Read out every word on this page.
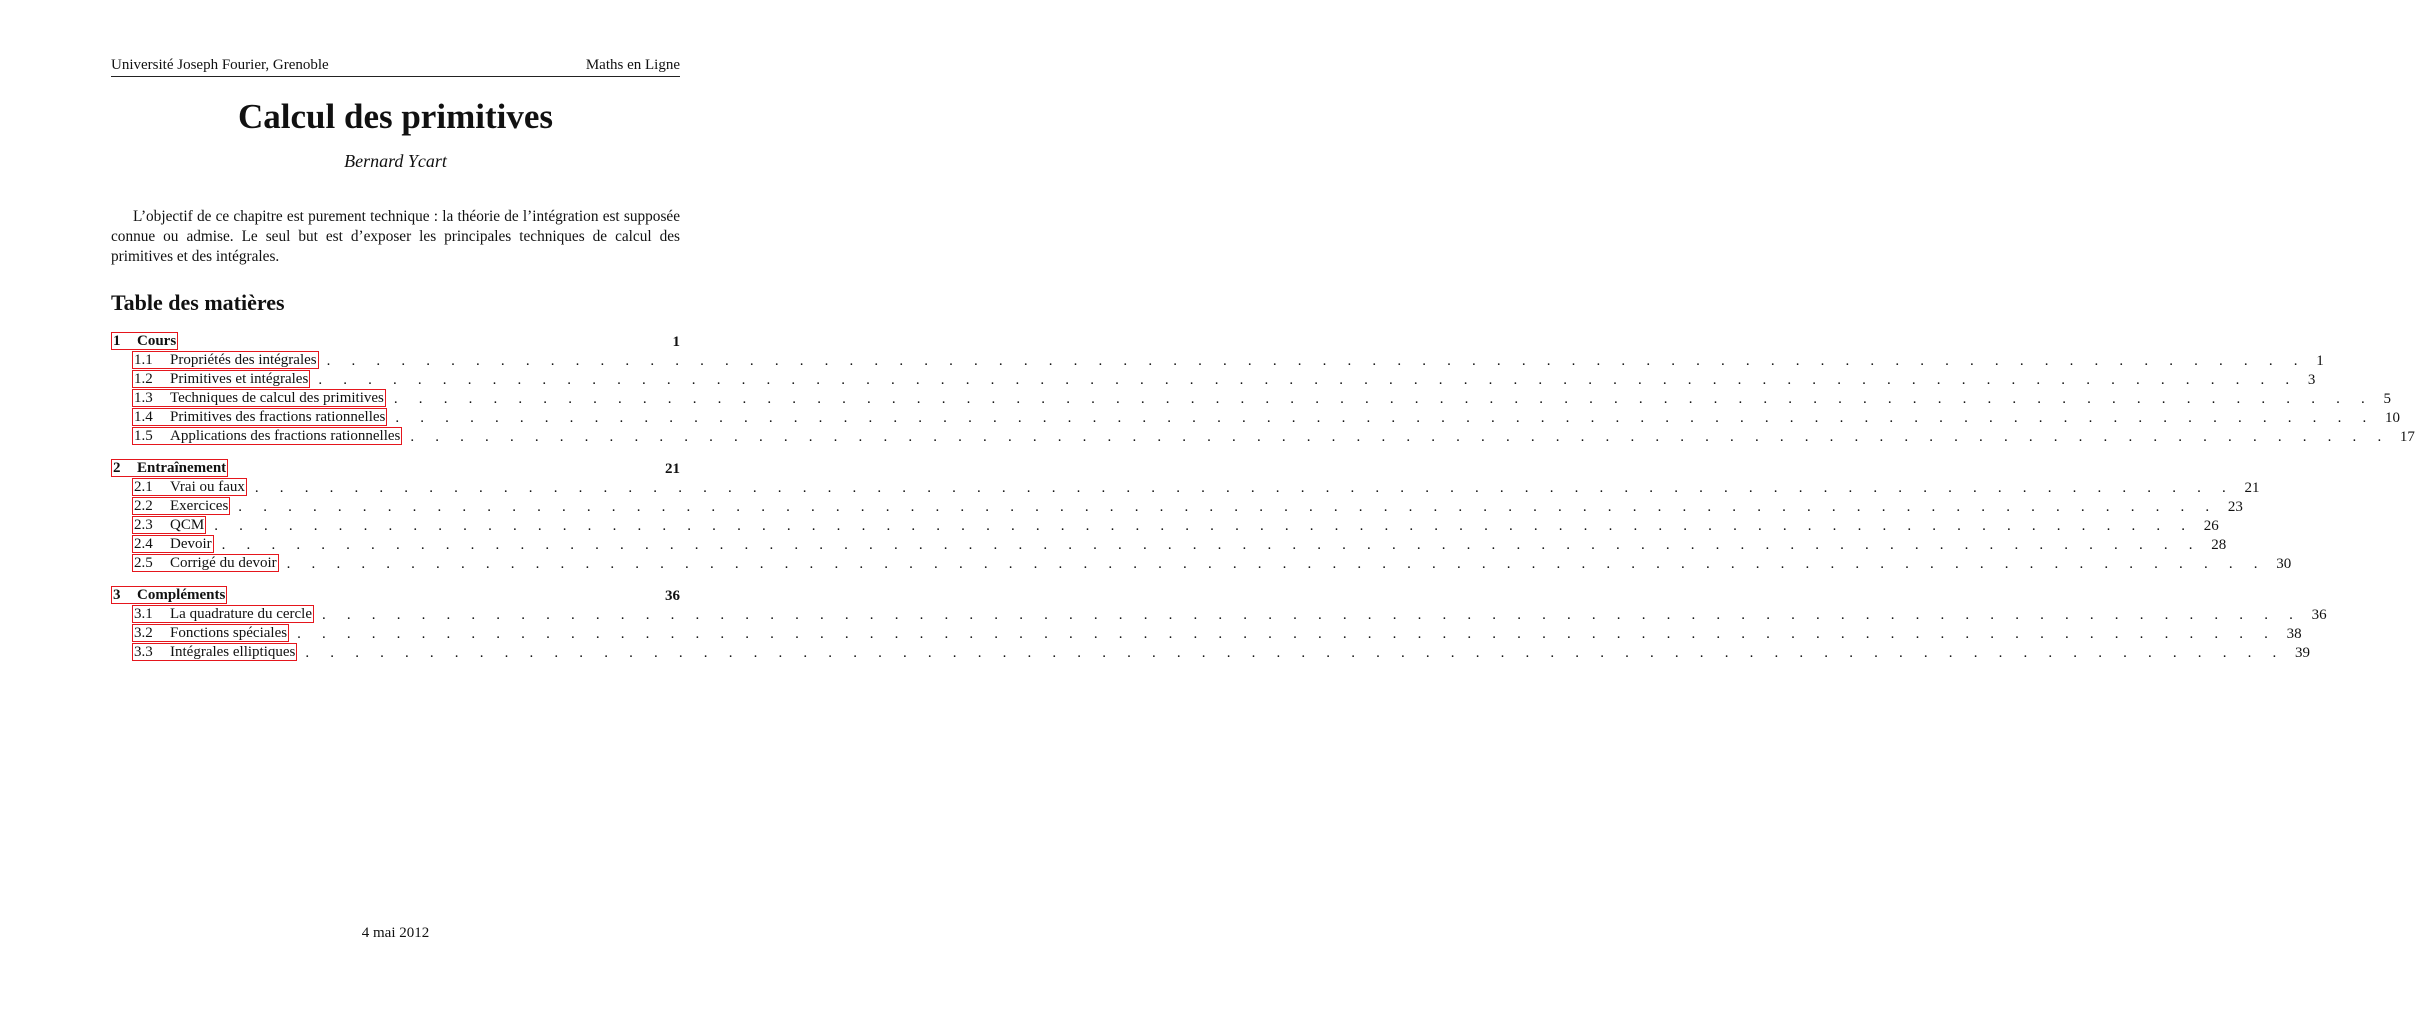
Université Joseph Fourier, Grenoble	Maths en Ligne
Calcul des primitives
Bernard Ycart
L’objectif de ce chapitre est purement technique : la théorie de l’intégration est supposée connue ou admise. Le seul but est d’exposer les principales techniques de calcul des primitives et des intégrales.
Table des matières
1	Cours	1
1.1	Propriétés des intégrales . . . . . . . . . . . . . . . . . . . . . . . . . . . . . . . . . . . . . . . . . . . . . . . . . . . . . . . . . . . . . . . . . . . . . . . . . . . . . . . . 1
1.2	Primitives et intégrales . . . . . . . . . . . . . . . . . . . . . . . . . . . . . . . . . . . . . . . . . . . . . . . . . . . . . . . . . . . . . . . . . . . . . . . . . . . . . . . . 3
1.3	Techniques de calcul des primitives . . . . . . . . . . . . . . . . . . . . . . . . . . . . . . . . . . . . . . . . . . . . . . . . . . . . . . . . . . . . . . . . . . . . . . . . . . . . . . . . 5
1.4	Primitives des fractions rationnelles . . . . . . . . . . . . . . . . . . . . . . . . . . . . . . . . . . . . . . . . . . . . . . . . . . . . . . . . . . . . . . . . . . . . . . . . . . . . . . . . 10
1.5	Applications des fractions rationnelles . . . . . . . . . . . . . . . . . . . . . . . . . . . . . . . . . . . . . . . . . . . . . . . . . . . . . . . . . . . . . . . . . . . . . . . . . . . . . . . . 17
2	Entraînement	21
2.1	Vrai ou faux . . . . . . . . . . . . . . . . . . . . . . . . . . . . . . . . . . . . . . . . . . . . . . . . . . . . . . . . . . . . . . . . . . . . . . . . . . . . . . . . 21
2.2	Exercices . . . . . . . . . . . . . . . . . . . . . . . . . . . . . . . . . . . . . . . . . . . . . . . . . . . . . . . . . . . . . . . . . . . . . . . . . . . . . . . . 23
2.3	QCM . . . . . . . . . . . . . . . . . . . . . . . . . . . . . . . . . . . . . . . . . . . . . . . . . . . . . . . . . . . . . . . . . . . . . . . . . . . . . . . . 26
2.4	Devoir . . . . . . . . . . . . . . . . . . . . . . . . . . . . . . . . . . . . . . . . . . . . . . . . . . . . . . . . . . . . . . . . . . . . . . . . . . . . . . . . 28
2.5	Corrigé du devoir . . . . . . . . . . . . . . . . . . . . . . . . . . . . . . . . . . . . . . . . . . . . . . . . . . . . . . . . . . . . . . . . . . . . . . . . . . . . . . . . 30
3	Compléments	36
3.1	La quadrature du cercle . . . . . . . . . . . . . . . . . . . . . . . . . . . . . . . . . . . . . . . . . . . . . . . . . . . . . . . . . . . . . . . . . . . . . . . . . . . . . . . . 36
3.2	Fonctions spéciales . . . . . . . . . . . . . . . . . . . . . . . . . . . . . . . . . . . . . . . . . . . . . . . . . . . . . . . . . . . . . . . . . . . . . . . . . . . . . . . . 38
3.3	Intégrales elliptiques . . . . . . . . . . . . . . . . . . . . . . . . . . . . . . . . . . . . . . . . . . . . . . . . . . . . . . . . . . . . . . . . . . . . . . . . . . . . . . . . 39
4 mai 2012
